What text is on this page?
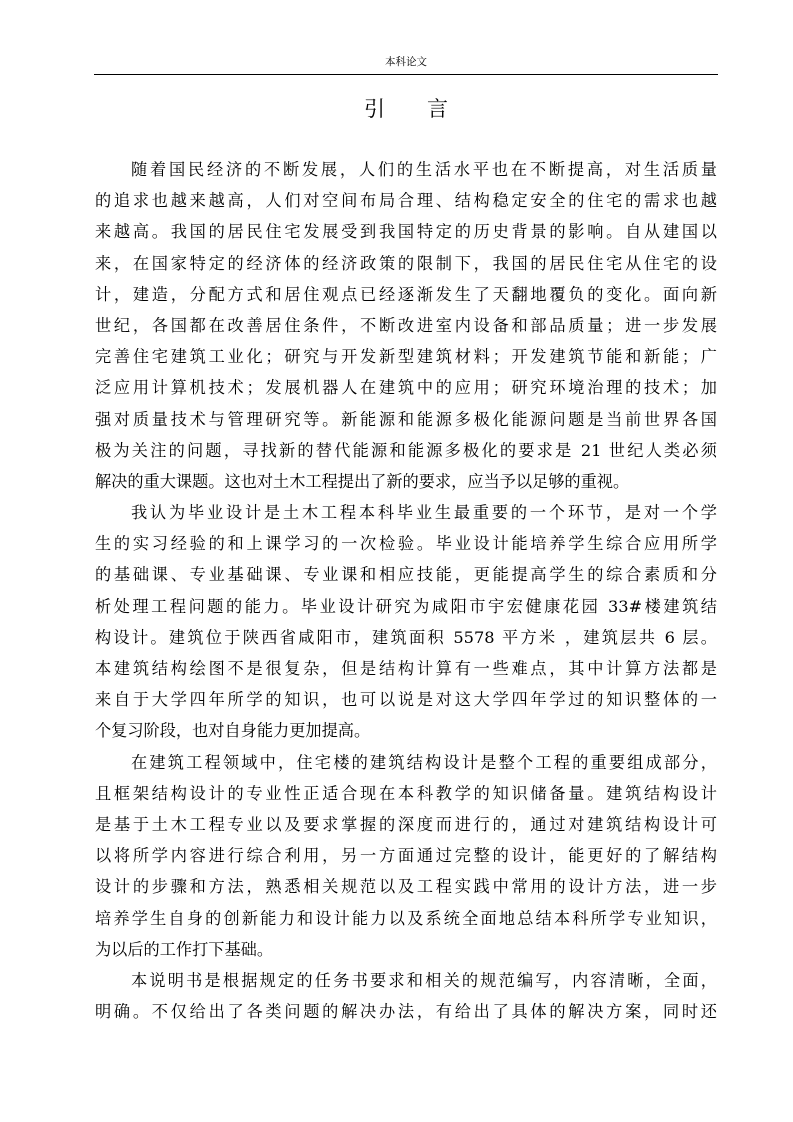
本科论文
引 言
随着国民经济的不断发展，人们的生活水平也在不断提高，对生活质量
的追求也越来越高，人们对空间布局合理、结构稳定安全的住宅的需求也越
来越高。我国的居民住宅发展受到我国特定的历史背景的影响。自从建国以
来，在国家特定的经济体的经济政策的限制下，我国的居民住宅从住宅的设
计，建造，分配方式和居住观点已经逐渐发生了天翻地覆负的变化。面向新
世纪，各国都在改善居住条件，不断改进室内设备和部品质量；进一步发展
完善住宅建筑工业化；研究与开发新型建筑材料；开发建筑节能和新能；广
泛应用计算机技术；发展机器人在建筑中的应用；研究环境治理的技术；加
强对质量技术与管理研究等。新能源和能源多极化能源问题是当前世界各国
极为关注的问题，寻找新的替代能源和能源多极化的要求是 21 世纪人类必须
解决的重大课题。这也对土木工程提出了新的要求，应当予以足够的重视。
我认为毕业设计是土木工程本科毕业生最重要的一个环节，是对一个学
生的实习经验的和上课学习的一次检验。毕业设计能培养学生综合应用所学
的基础课、专业基础课、专业课和相应技能，更能提高学生的综合素质和分
析处理工程问题的能力。毕业设计研究为咸阳市宇宏健康花园 33#楼建筑结
构设计。建筑位于陕西省咸阳市，建筑面积 5578 平方米 ，建筑层共 6 层。
本建筑结构绘图不是很复杂，但是结构计算有一些难点，其中计算方法都是
来自于大学四年所学的知识，也可以说是对这大学四年学过的知识整体的一
个复习阶段，也对自身能力更加提高。
在建筑工程领域中，住宅楼的建筑结构设计是整个工程的重要组成部分，
且框架结构设计的专业性正适合现在本科教学的知识储备量。建筑结构设计
是基于土木工程专业以及要求掌握的深度而进行的，通过对建筑结构设计可
以将所学内容进行综合利用，另一方面通过完整的设计，能更好的了解结构
设计的步骤和方法，熟悉相关规范以及工程实践中常用的设计方法，进一步
培养学生自身的创新能力和设计能力以及系统全面地总结本科所学专业知识，
为以后的工作打下基础。
本说明书是根据规定的任务书要求和相关的规范编写，内容清晰，全面，
明确。不仅给出了各类问题的解决办法，有给出了具体的解决方案，同时还
